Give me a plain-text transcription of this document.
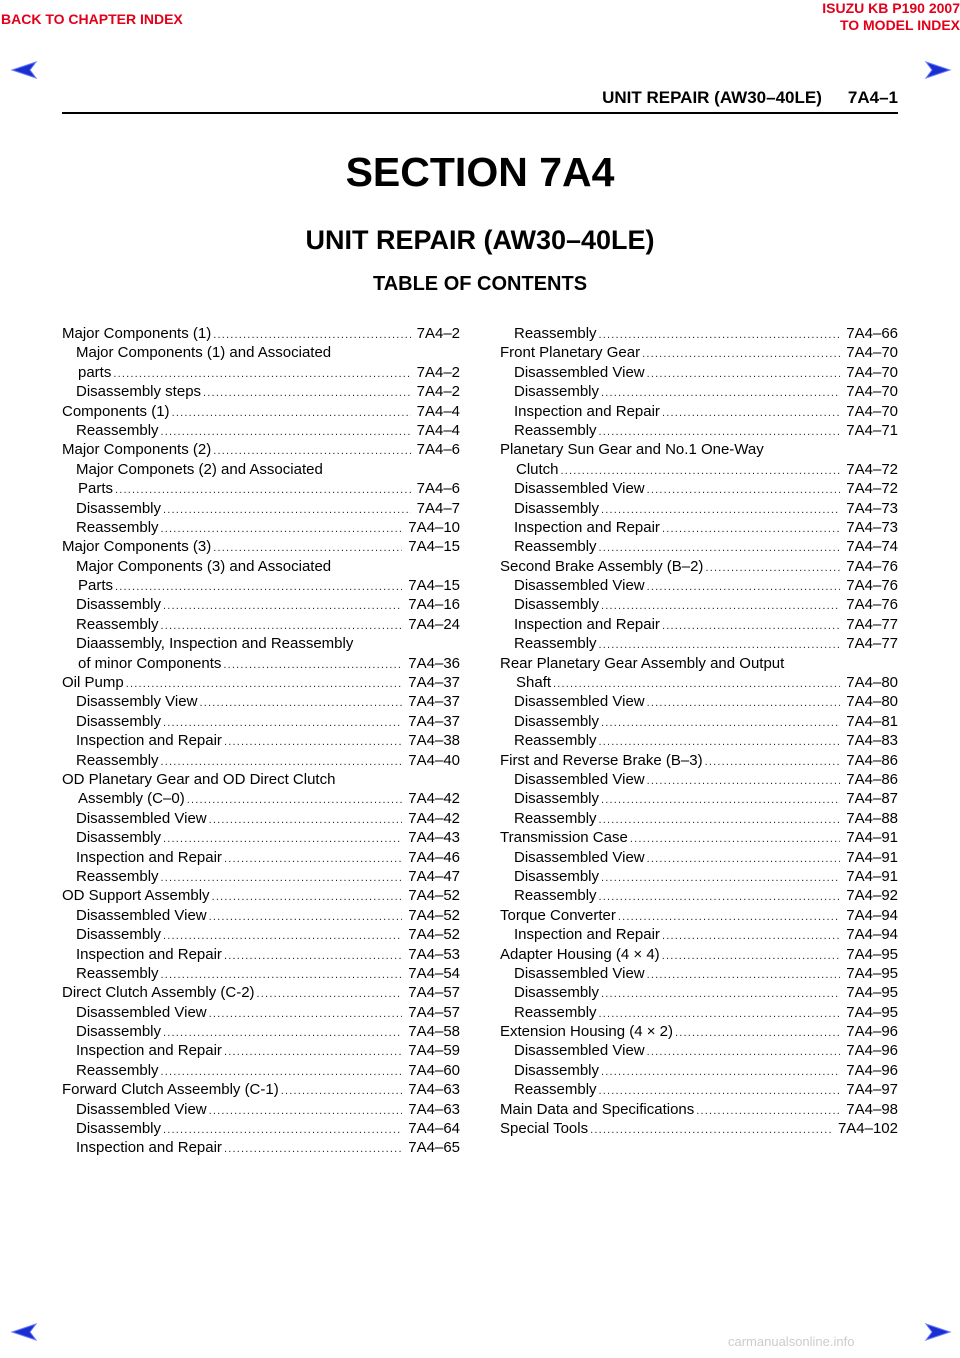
BACK TO CHAPTER INDEX
ISUZU KB P190 2007
TO MODEL INDEX
UNIT REPAIR (AW30–40LE) 7A4–1
SECTION 7A4
UNIT REPAIR (AW30–40LE)
TABLE OF CONTENTS
Major Components (1) .....	7A4–2
Major Components (1) and Associated
parts .....	7A4–2
Disassembly steps .....	7A4–2
Components (1) .....	7A4–4
Reassembly .....	7A4–4
Major Components (2) .....	7A4–6
Major Componets (2) and Associated
Parts .....	7A4–6
Disassembly .....	7A4–7
Reassembly .....	7A4–10
Major Components (3) .....	7A4–15
Major Components (3) and Associated
Parts .....	7A4–15
Disassembly .....	7A4–16
Reassembly .....	7A4–24
Diaassembly, Inspection and Reassembly
of minor Components .....	7A4–36
Oil Pump .....	7A4–37
Disassembly View .....	7A4–37
Disassembly .....	7A4–37
Inspection and Repair .....	7A4–38
Reassembly .....	7A4–40
OD Planetary Gear and OD Direct Clutch
Assembly (C–0) .....	7A4–42
Disassembled View .....	7A4–42
Disassembly .....	7A4–43
Inspection and Repair .....	7A4–46
Reassembly .....	7A4–47
OD Support Assembly .....	7A4–52
Disassembled View .....	7A4–52
Disassembly .....	7A4–52
Inspection and Repair .....	7A4–53
Reassembly .....	7A4–54
Direct Clutch Assembly (C-2) .....	7A4–57
Disassembled View .....	7A4–57
Disassembly .....	7A4–58
Inspection and Repair .....	7A4–59
Reassembly .....	7A4–60
Forward Clutch Asseembly (C-1) .....	7A4–63
Disassembled View .....	7A4–63
Disassembly .....	7A4–64
Inspection and Repair .....	7A4–65
Reassembly .....	7A4–66
Front Planetary Gear .....	7A4–70
Disassembled View .....	7A4–70
Disassembly .....	7A4–70
Inspection and Repair .....	7A4–70
Reassembly .....	7A4–71
Planetary Sun Gear and No.1 One-Way
Clutch .....	7A4–72
Disassembled View .....	7A4–72
Disassembly .....	7A4–73
Inspection and Repair .....	7A4–73
Reassembly .....	7A4–74
Second Brake Assembly (B–2) .....	7A4–76
Disassembled View .....	7A4–76
Disassembly .....	7A4–76
Inspection and Repair .....	7A4–77
Reassembly .....	7A4–77
Rear Planetary Gear Assembly and Output
Shaft .....	7A4–80
Disassembled View .....	7A4–80
Disassembly .....	7A4–81
Reassembly .....	7A4–83
First and Reverse Brake (B–3) .....	7A4–86
Disassembled View .....	7A4–86
Disassembly .....	7A4–87
Reassembly .....	7A4–88
Transmission Case .....	7A4–91
Disassembled View .....	7A4–91
Disassembly .....	7A4–91
Reassembly .....	7A4–92
Torque Converter .....	7A4–94
Inspection and Repair .....	7A4–94
Adapter Housing (4 × 4) .....	7A4–95
Disassembled View .....	7A4–95
Disassembly .....	7A4–95
Reassembly .....	7A4–95
Extension Housing (4 × 2) .....	7A4–96
Disassembled View .....	7A4–96
Disassembly .....	7A4–96
Reassembly .....	7A4–97
Main Data and Specifications .....	7A4–98
Special Tools .....	7A4–102
carmanualsonline.info
